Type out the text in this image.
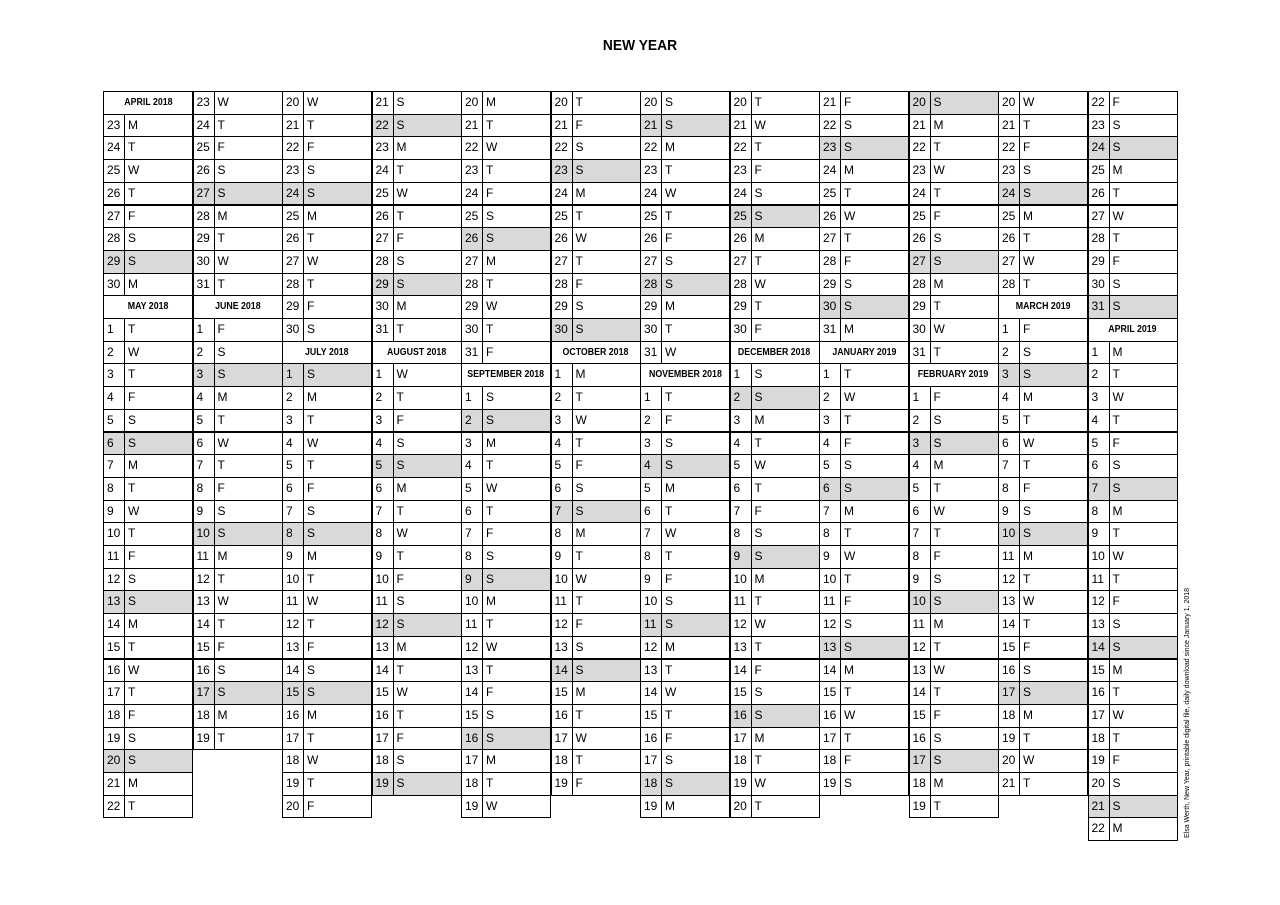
NEW YEAR
APRIL 2018
23 M
24 T
25 W
26 T
27 F
28 S
29 S
30 M
MAY 2018
1	T
2	W
3	T
4	F
5	S
6	S
7	M
8	T
9	W
10 T
11 F
12 S
13 S
14 M
15 T
16 W
17 T
18 F
19 S
20 S
21 M
22 T
23 W
24 T
25 F
26 S
27 S
28 M
29 T
30 W
31 T
JUNE 2018
1	F
2	S
3	S
4	M
5	T
6	W
7	T
8	F
9	S
10 S
11 M
12 T
13 W
14 T
15 F
16 S
17 S
18 M
19 T
20 W
21 T
22 F
23 S
24 S
25 M
26 T
27 W
28 T
29 F
30 S
JULY 2018
1	S
2	M
3	T
4	W
5	T
6	F
7	S
8	S
9	M
10 T
11 W
12 T
13 F
14 S
15 S
16 M
17 T
18 W
19 T
20 F
21 S
22 S
23 M
24 T
25 W
26 T
27 F
28 S
29 S
30 M
31 T
AUGUST 2018
1	W
2	T
3	F
4	S
5	S
6	M
7	T
8	W
9	T
10 F
11 S
12 S
13 M
14 T
15 W
16 T
17 F
18 S
19 S
20 M
21 T
22 W
23 T
24 F
25 S
26 S
27 M
28 T
29 W
30 T
31 F
SEPTEMBER 2018
1	S
2	S
3	M
4	T
5	W
6	T
7	F
8	S
9	S
10 M
11 T
12 W
13 T
14 F
15 S
16 S
17 M
18 T
19 W
20 T
21 F
22 S
23 S
24 M
25 T
26 W
27 T
28 F
29 S
30 S
OCTOBER 2018
1	M
2	T
3	W
4	T
5	F
6	S
7	S
8	M
9	T
10 W
11 T
12 F
13 S
14 S
15 M
16 T
17 W
18 T
19 F
20 S
21 S
22 M
23 T
24 W
25 T
26 F
27 S
28 S
29 M
30 T
31 W
NOVEMBER 2018
1	T
2	F
3	S
4	S
5	M
6	T
7	W
8	T
9	F
10 S
11 S
12 M
13 T
14 W
15 T
16 F
17 S
18 S
19 M
20 T
21 W
22 T
23 F
24 S
25 S
26 M
27 T
28 W
29 T
30 F
DECEMBER 2018
1	S
2	S
3	M
4	T
5	W
6	T
7	F
8	S
9	S
10 M
11 T
12 W
13 T
14 F
15 S
16 S
17 M
18 T
19 W
20 T
21 F
22 S
23 S
24 M
25 T
26 W
27 T
28 F
29 S
30 S
31 M
JANUARY 2019
1	T
2	W
3	T
4	F
5	S
6	S
7	M
8	T
9	W
10 T
11 F
12 S
13 S
14 M
15 T
16 W
17 T
18 F
19 S
20 S
21 M
22 T
23 W
24 T
25 F
26 S
27 S
28 M
29 T
30 W
31 T
FEBRUARY 2019
1	F
2	S
3	S
4	M
5	T
6	W
7	T
8	F
9	S
10 S
11 M
12 T
13 W
14 T
15 F
16 S
17 S
18 M
19 T
20 W
21 T
22 F
23 S
24 S
25 M
26 T
27 W
28 T
MARCH 2019
1	F
2	S
3	S
4	M
5	T
6	W
7	T
8	F
9	S
10 S
11 M
12 T
13 W
14 T
15 F
16 S
17 S
18 M
19 T
20 W
21 T
22 F
23 S
24 S
25 M
26 T
27 W
28 T
29 F
30 S
31 S
APRIL 2019
1	M
2	T
3	W
4	T
5	F
6	S
7	S
8	M
9	T
10 W
11 T
12 F
13 S
14 S
15 M
16 T
17 W
18 T
19 F
20 S
21 S
22 M	Elsa Werth, New Year, printable digital file, daily download since January 1, 2018
